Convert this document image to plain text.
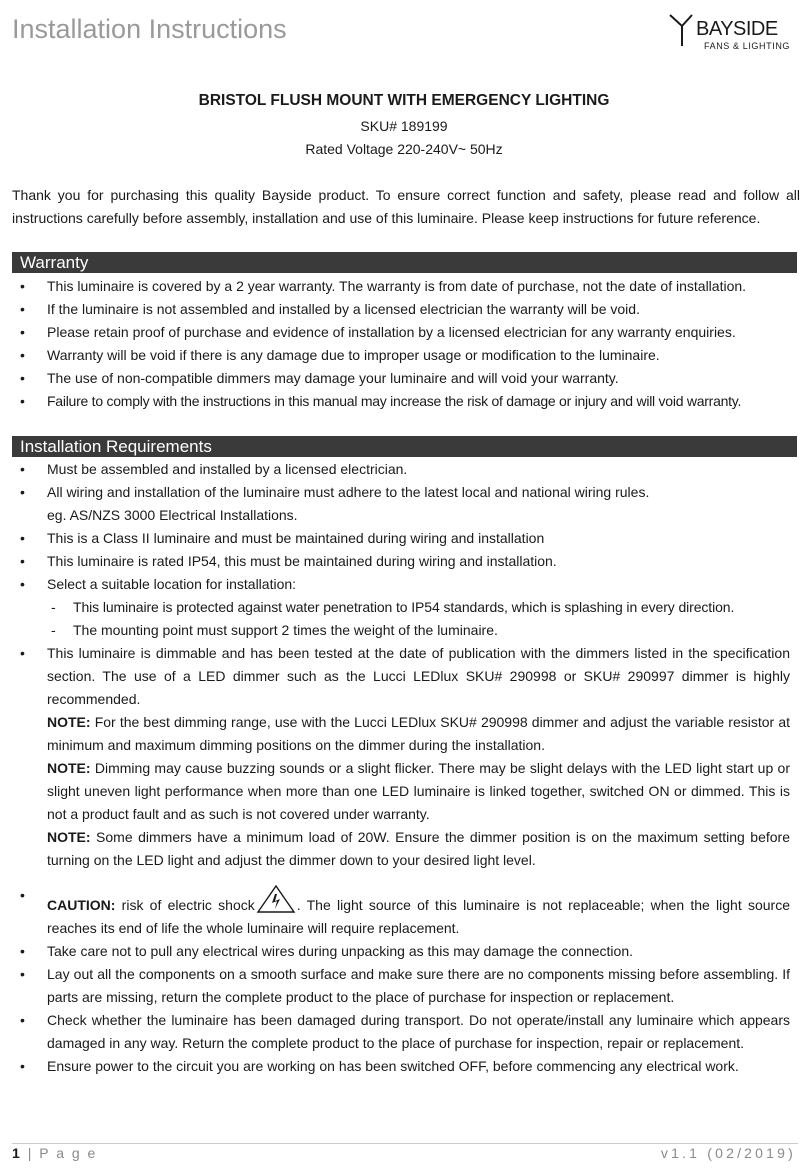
Installation Instructions	BAYSIDE
FANS & LIGHTING
BRISTOL FLUSH MOUNT WITH EMERGENCY LIGHTING
SKU# 189199
Rated Voltage 220-240V~ 50Hz
Thank you for purchasing this quality Bayside product. To ensure correct function and safety, please read and follow all instructions carefully before assembly, installation and use of this luminaire. Please keep instructions for future reference.
Warranty
• This luminaire is covered by a 2 year warranty. The warranty is from date of purchase, not the date of installation.
• If the luminaire is not assembled and installed by a licensed electrician the warranty will be void.
• Please retain proof of purchase and evidence of installation by a licensed electrician for any warranty enquiries.
• Warranty will be void if there is any damage due to improper usage or modification to the luminaire.
• The use of non-compatible dimmers may damage your luminaire and will void your warranty.
• Failure to comply with the instructions in this manual may increase the risk of damage or injury and will void warranty.
Installation Requirements
• Must be assembled and installed by a licensed electrician.
• All wiring and installation of the luminaire must adhere to the latest local and national wiring rules.
eg. AS/NZS 3000 Electrical Installations.
• This is a Class II luminaire and must be maintained during wiring and installation
• This luminaire is rated IP54, this must be maintained during wiring and installation.
• Select a suitable location for installation:
- This luminaire is protected against water penetration to IP54 standards, which is splashing in every direction.
- The mounting point must support 2 times the weight of the luminaire.
• This luminaire is dimmable and has been tested at the date of publication with the dimmers listed in the specification section. The use of a LED dimmer such as the Lucci LEDlux SKU# 290998 or SKU# 290997 dimmer is highly recommended.
NOTE: For the best dimming range, use with the Lucci LEDlux SKU# 290998 dimmer and adjust the variable resistor at minimum and maximum dimming positions on the dimmer during the installation.
NOTE: Dimming may cause buzzing sounds or a slight flicker. There may be slight delays with the LED light start up or slight uneven light performance when more than one LED luminaire is linked together, switched ON or dimmed. This is not a product fault and as such is not covered under warranty.
NOTE: Some dimmers have a minimum load of 20W. Ensure the dimmer position is on the maximum setting before turning on the LED light and adjust the dimmer down to your desired light level.
• CAUTION: risk of electric shock	. The light source of this luminaire is not replaceable; when the light source reaches its end of life the whole luminaire will require replacement.
• Take care not to pull any electrical wires during unpacking as this may damage the connection.
• Lay out all the components on a smooth surface and make sure there are no components missing before assembling. If parts are missing, return the complete product to the place of purchase for inspection or replacement.
• Check whether the luminaire has been damaged during transport. Do not operate/install any luminaire which appears damaged in any way. Return the complete product to the place of purchase for inspection, repair or replacement.
• Ensure power to the circuit you are working on has been switched OFF, before commencing any electrical work.
1 | P a g e	v1.1 (02/2019)
